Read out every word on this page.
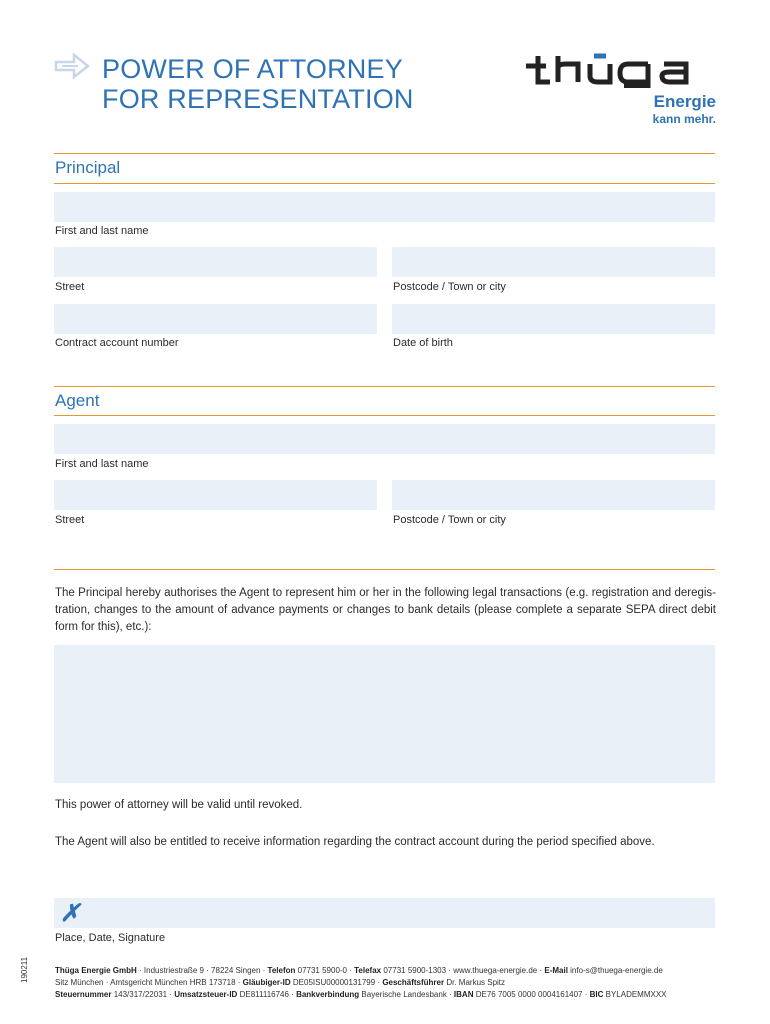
POWER OF ATTORNEY
FOR REPRESENTATION	Energie
kann mehr.
Principal
First and last name
Street	Postcode / Town or city
Contract account number	Date of birth
Agent
First and last name
Street	Postcode / Town or city
The Principal hereby authorises the Agent to represent him or her in the following legal transactions (e.g. registration and deregis-tration, changes to the amount of advance payments or changes to bank details (please complete a separate SEPA direct debit form for this), etc.):
This power of attorney will be valid until revoked.
The Agent will also be entitled to receive information regarding the contract account during the period specified above.
✗
Place, Date, Signature
190211	Thüga Energie GmbH · Industriestraße 9 · 78224 Singen · Telefon 07731 5900-0 · Telefax 07731 5900-1303 · www.thuega-energie.de · E-Mail info-s@thuega-energie.de
Sitz München · Amtsgericht München HRB 173718 · Gläubiger-ID DE05ISU00000131799 · Geschäftsführer Dr. Markus Spitz
Steuernummer 143/317/22031 · Umsatzsteuer-ID DE811116746 · Bankverbindung Bayerische Landesbank · IBAN DE76 7005 0000 0004161407 · BIC BYLADEMMXXX
